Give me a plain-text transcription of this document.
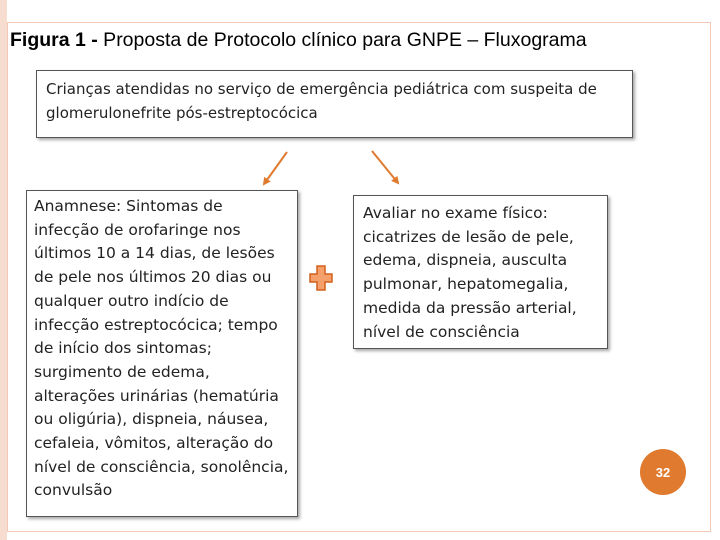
Figura 1 - Proposta de Protocolo clínico para GNPE – Fluxograma
Crianças atendidas no serviço de emergência pediátrica com suspeita de glomerulonefrite pós-estreptocócica
Anamnese: Sintomas de infecção de orofaringe nos últimos 10 a 14 dias, de lesões de pele nos últimos 20 dias ou qualquer outro indício de infecção estreptocócica; tempo de início dos sintomas; surgimento de edema, alterações urinárias (hematúria ou oligúria), dispneia, náusea, cefaleia, vômitos, alteração do nível de consciência, sonolência, convulsão
Avaliar no exame físico: cicatrizes de lesão de pele, edema, dispneia, ausculta pulmonar, hepatomegalia, medida da pressão arterial, nível de consciência
32
